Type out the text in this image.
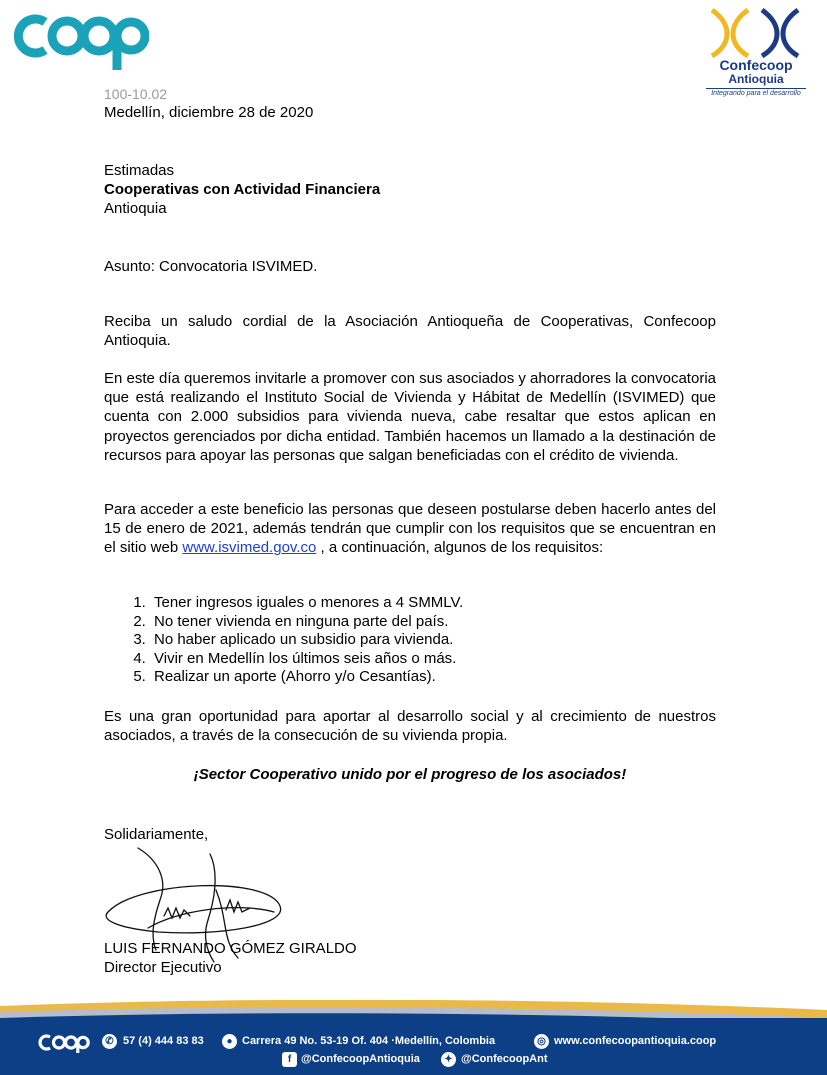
Confecoop
Antioquia
Integrando para el desarrollo
100-10.02
Medellín, diciembre 28 de 2020
Estimadas
Cooperativas con Actividad Financiera
Antioquia
Asunto: Convocatoria ISVIMED.
Reciba un saludo cordial de la Asociación Antioqueña de Cooperativas, Confecoop Antioquia.
En este día queremos invitarle a promover con sus asociados y ahorradores la convocatoria que está realizando el Instituto Social de Vivienda y Hábitat de Medellín (ISVIMED) que cuenta con 2.000 subsidios para vivienda nueva, cabe resaltar que estos aplican en proyectos gerenciados por dicha entidad. También hacemos un llamado a la destinación de recursos para apoyar las personas que salgan beneficiadas con el crédito de vivienda.
Para acceder a este beneficio las personas que deseen postularse deben hacerlo antes del 15 de enero de 2021, además tendrán que cumplir con los requisitos que se encuentran en el sitio web www.isvimed.gov.co , a continuación, algunos de los requisitos:
1. Tener ingresos iguales o menores a 4 SMMLV.
2. No tener vivienda en ninguna parte del país.
3. No haber aplicado un subsidio para vivienda.
4. Vivir en Medellín los últimos seis años o más.
5. Realizar un aporte (Ahorro y/o Cesantías).
Es una gran oportunidad para aportar al desarrollo social y al crecimiento de nuestros asociados, a través de la consecución de su vivienda propia.
¡Sector Cooperativo unido por el progreso de los asociados!
Solidariamente,
LUIS FERNANDO GÓMEZ GIRALDO
Director Ejecutivo
✆ 57 (4) 444 83 83	● Carrera 49 No. 53-19 Of. 404 ·Medellín, Colombia	◎ www.confecoopantioquia.coop
f @ConfecoopAntioquia	✦ @ConfecoopAnt
